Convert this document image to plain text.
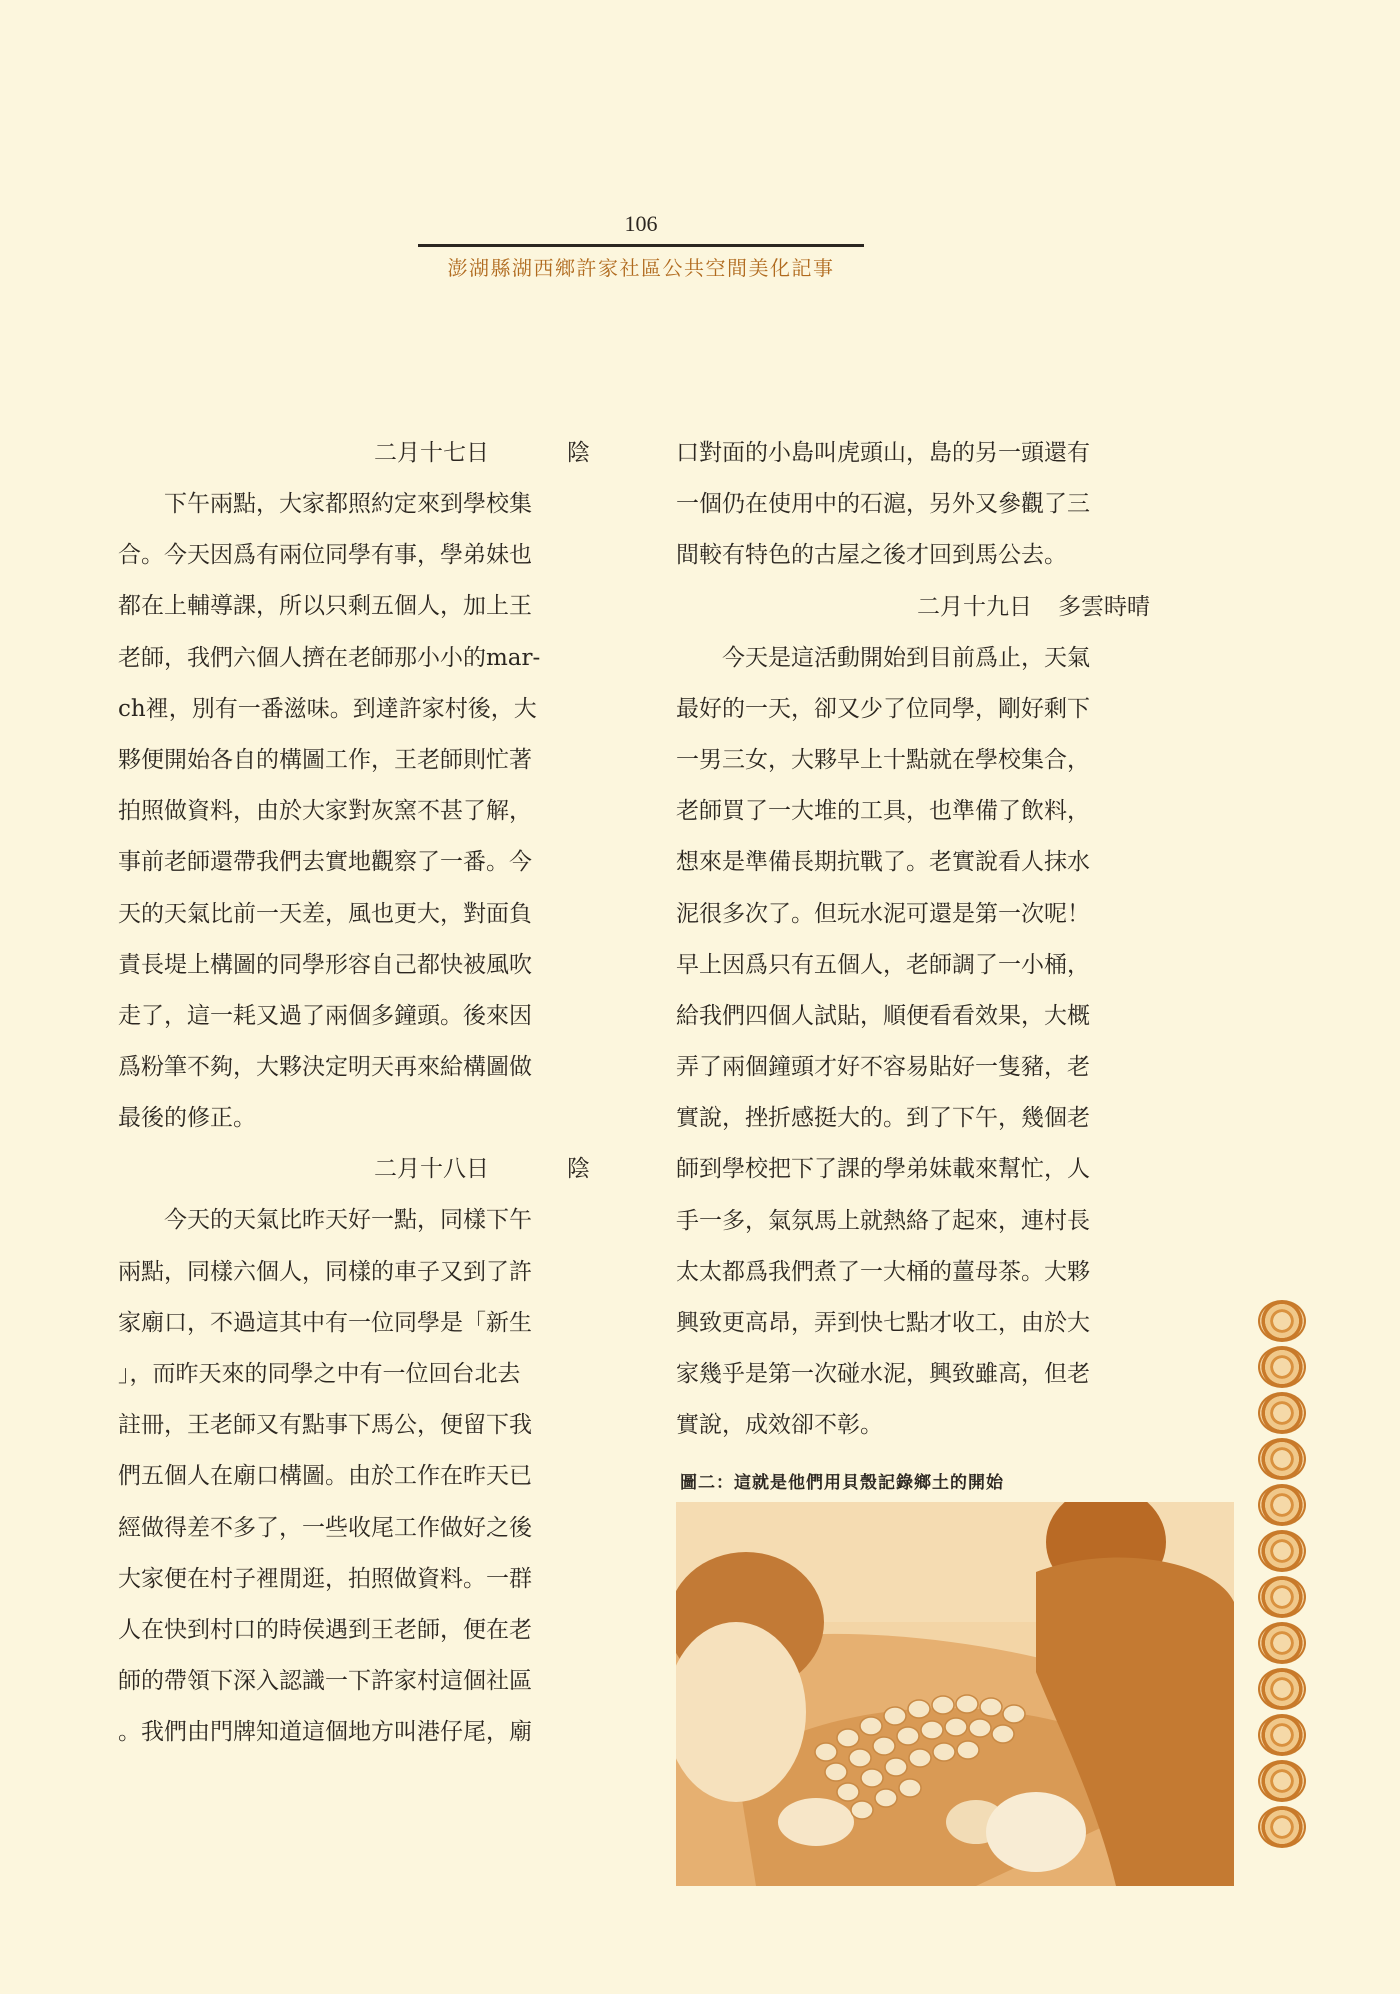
106
澎湖縣湖西鄉許家社區公共空間美化記事
二月十七日	陰
下午兩點，大家都照約定來到學校集
合。今天因爲有兩位同學有事，學弟妹也
都在上輔導課，所以只剩五個人，加上王
老師，我們六個人擠在老師那小小的mar-
ch裡，別有一番滋味。到達許家村後，大
夥便開始各自的構圖工作，王老師則忙著
拍照做資料，由於大家對灰窯不甚了解，
事前老師還帶我們去實地觀察了一番。今
天的天氣比前一天差，風也更大，對面負
責長堤上構圖的同學形容自己都快被風吹
走了，這一耗又過了兩個多鐘頭。後來因
爲粉筆不夠，大夥決定明天再來給構圖做
最後的修正。
二月十八日	陰
今天的天氣比昨天好一點，同樣下午
兩點，同樣六個人，同樣的車子又到了許
家廟口，不過這其中有一位同學是「新生
」，而昨天來的同學之中有一位回台北去
註冊，王老師又有點事下馬公，便留下我
們五個人在廟口構圖。由於工作在昨天已
經做得差不多了，一些收尾工作做好之後
大家便在村子裡閒逛，拍照做資料。一群
人在快到村口的時侯遇到王老師，便在老
師的帶領下深入認識一下許家村這個社區
。我們由門牌知道這個地方叫港仔尾，廟
口對面的小島叫虎頭山，島的另一頭還有
一個仍在使用中的石滬，另外又參觀了三
間較有特色的古屋之後才回到馬公去。
二月十九日 多雲時晴
今天是這活動開始到目前爲止，天氣
最好的一天，卻又少了位同學，剛好剩下
一男三女，大夥早上十點就在學校集合，
老師買了一大堆的工具，也準備了飲料，
想來是準備長期抗戰了。老實說看人抹水
泥很多次了。但玩水泥可還是第一次呢！
早上因爲只有五個人，老師調了一小桶，
給我們四個人試貼，順便看看效果，大概
弄了兩個鐘頭才好不容易貼好一隻豬，老
實說，挫折感挺大的。到了下午，幾個老
師到學校把下了課的學弟妹載來幫忙，人
手一多，氣氛馬上就熱絡了起來，連村長
太太都爲我們煮了一大桶的薑母茶。大夥
興致更高昂，弄到快七點才收工，由於大
家幾乎是第一次碰水泥，興致雖高，但老
實說，成效卻不彰。
圖二：這就是他們用貝殼記錄鄉土的開始
